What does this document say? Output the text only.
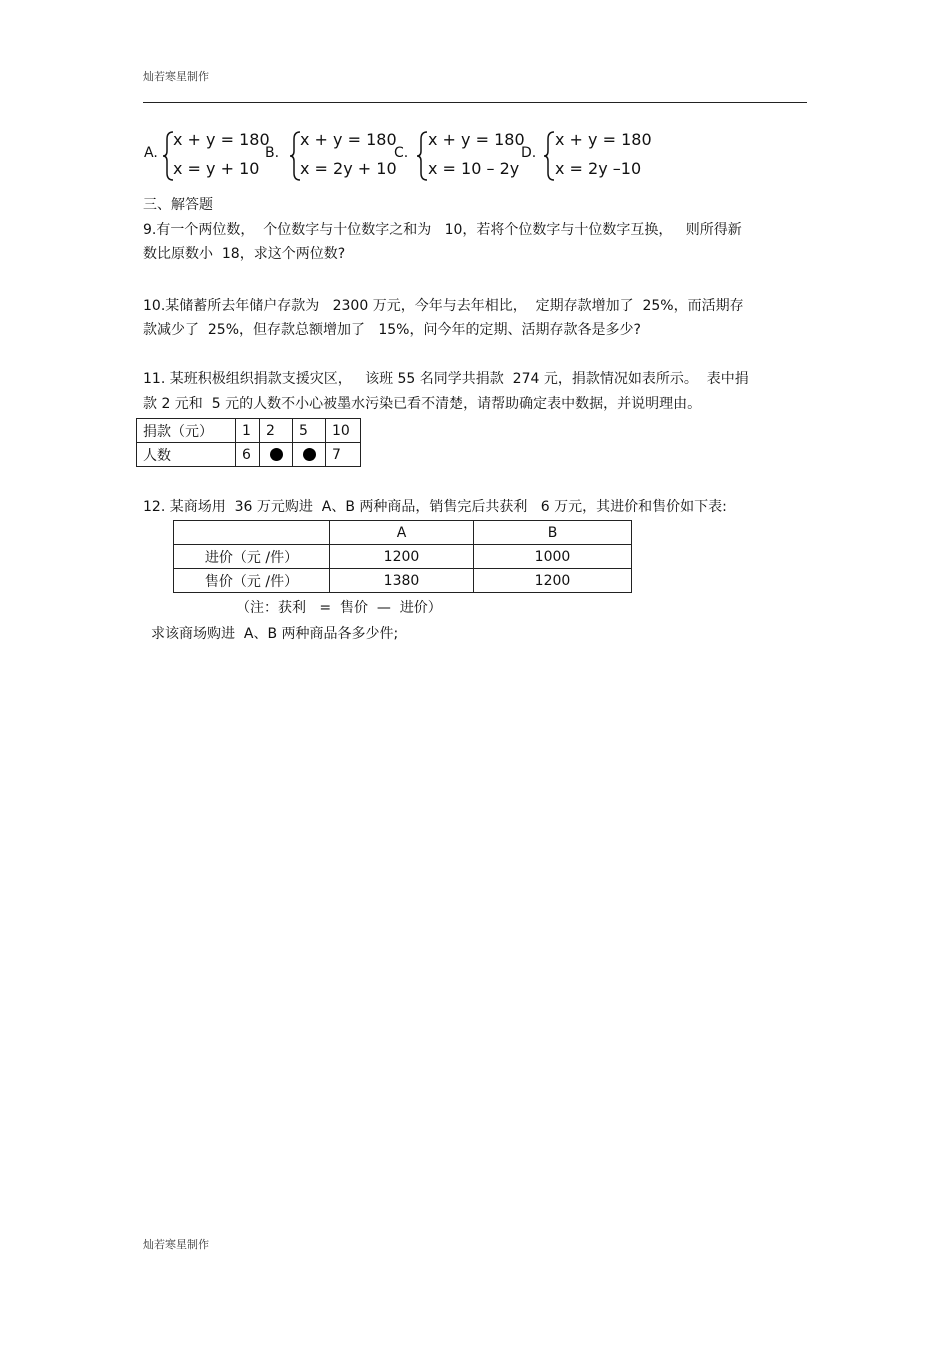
灿若寒星制作
A.
x + y = 180
x = y + 10
B.
x + y = 180
x = 2y + 10
C.
x + y = 180
x = 10 – 2y
D.
x + y = 180
x = 2y –10
三、解答题
9.有一个两位数，  个位数字与十位数字之和为   10，若将个位数字与十位数字互换，   则所得新
数比原数小  18，求这个两位数?
10.某储蓄所去年储户存款为   2300 万元，今年与去年相比，  定期存款增加了  25%，而活期存
款减少了  25%，但存款总额增加了   15%，问今年的定期、活期存款各是多少?
11. 某班积极组织捐款支援灾区，   该班 55 名同学共捐款  274 元，捐款情况如表所示。  表中捐
款 2 元和  5 元的人数不小心被墨水污染已看不清楚，请帮助确定表中数据，并说明理由。
捐款（元）	1	2	5	10
人数	6			7
12. 某商场用  36 万元购进  A、B 两种商品，销售完后共获利   6 万元，其进价和售价如下表:
	A	B
进价（元 /件）	1200	1000
售价（元 /件）	1380	1200
（注：获利   =  售价  —  进价）
求该商场购进  A、B 两种商品各多少件;
灿若寒星制作
